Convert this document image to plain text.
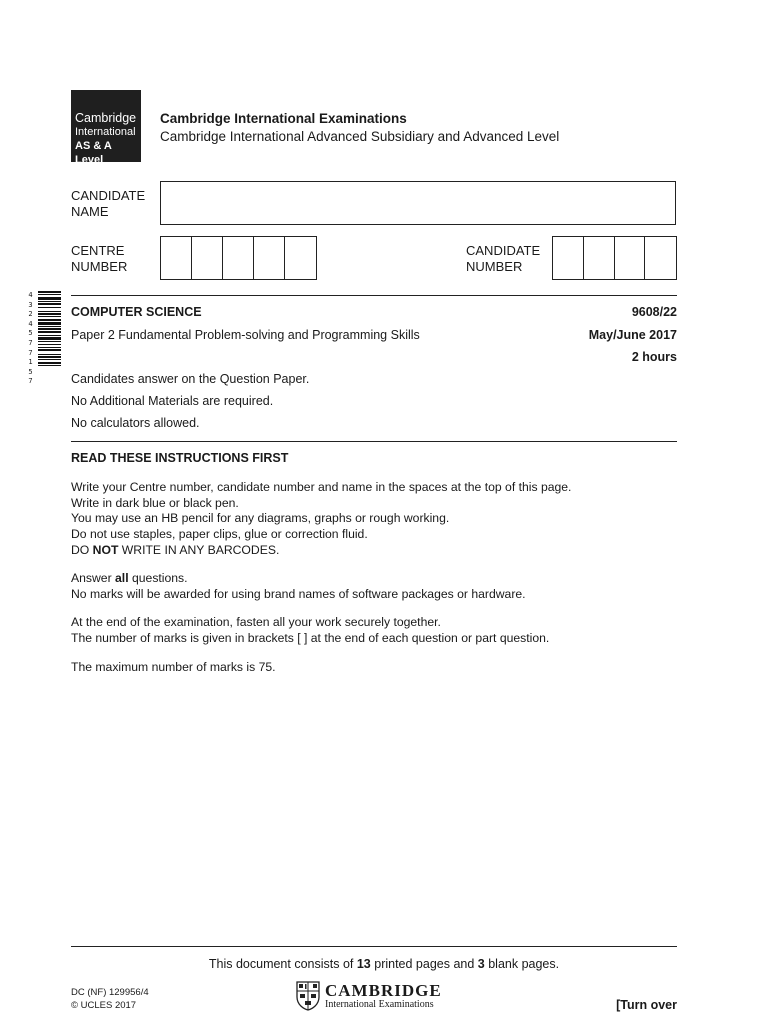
Cambridge
International
AS & A Level
Cambridge International Examinations
Cambridge International Advanced Subsidiary and Advanced Level
CANDIDATE
NAME
CENTRE
NUMBER
CANDIDATE
NUMBER
4
3
2
4
5
7
7
1
5
7
COMPUTER SCIENCE	9608/22
Paper 2 Fundamental Problem-solving and Programming Skills	May/June 2017
2 hours
Candidates answer on the Question Paper.
No Additional Materials are required.
No calculators allowed.
READ THESE INSTRUCTIONS FIRST
Write your Centre number, candidate number and name in the spaces at the top of this page.
Write in dark blue or black pen.
You may use an HB pencil for any diagrams, graphs or rough working.
Do not use staples, paper clips, glue or correction fluid.
DO NOT WRITE IN ANY BARCODES.
Answer all questions.
No marks will be awarded for using brand names of software packages or hardware.
At the end of the examination, fasten all your work securely together.
The number of marks is given in brackets [ ] at the end of each question or part question.
The maximum number of marks is 75.
This document consists of 13 printed pages and 3 blank pages.
DC (NF) 129956/4
© UCLES 2017
CAMBRIDGE
International Examinations	[Turn over
